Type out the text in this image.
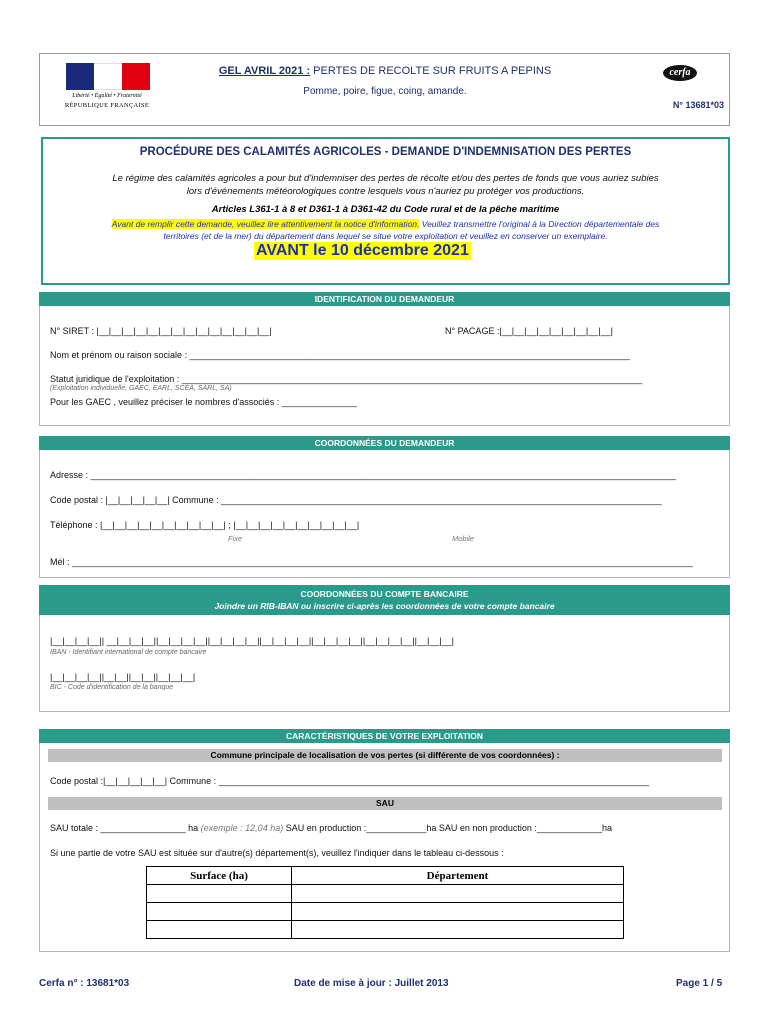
Liberté • Égalité • Fraternité
RÉPUBLIQUE FRANÇAISE
GEL AVRIL 2021 : PERTES DE RECOLTE SUR FRUITS A PEPINS
Pomme, poire, figue, coing, amande.
cerfa
N° 13681*03
PROCÉDURE DES CALAMITÉS AGRICOLES - DEMANDE D'INDEMNISATION DES PERTES
Le régime des calamités agricoles a pour but d'indemniser des pertes de récolte et/ou des pertes de fonds que vous auriez subies
lors d'événements météorologiques contre lesquels vous n'auriez pu protéger vos productions.
Articles L361-1 à 8 et D361-1 à D361-42 du Code rural et de la pêche maritime
Avant de remplir cette demande, veuillez lire attentivement la notice d'information. Veuillez transmettre l'original à la Direction départementale des
territoires (et de la mer) du département dans lequel se situe votre exploitation et veuillez en conserver un exemplaire.
AVANT le 10 décembre 2021
IDENTIFICATION DU DEMANDEUR
N° SIRET : |__|__|__|__|__|__|__|__|__|__|__|__|__|__|	N° PACAGE :|__|__|__|__|__|__|__|__|__|
Nom et prénom ou raison sociale : ________________________________________________________________________________________
Statut juridique de l'exploitation : ____________________________________________________________________________________________
(Exploitation individuelle, GAEC, EARL, SCEA, SARL, SA)
Pour les GAEC , veuillez préciser le nombres d'associés : _______________
COORDONNÉES DU DEMANDEUR
Adresse : _____________________________________________________________________________________________________________________
Code postal : |__|__|__|__|__| Commune : ________________________________________________________________________________________
Téléphone : |__|__|__|__|__|__|__|__|__|__| ; |__|__|__|__|__|__|__|__|__|__|
Fixe	Mobile
Mél : ____________________________________________________________________________________________________________________________
COORDONNÉES DU COMPTE BANCAIRE
Joindre un RIB-IBAN ou inscrire ci-après les coordonnées de votre compte bancaire
|__|__|__|__|| __|__|__|__||__|__|__|__||__|__|__|__||__|__|__|__||__|__|__|__||__|__|__|__||__|__|__|
IBAN - Identifiant international de compte bancaire
|__|__|__|__||__|__||__|__||__|__|__|
BIC - Code d'identification de la banque
CARACTÉRISTIQUES DE VOTRE EXPLOITATION
Commune principale de localisation de vos pertes (si différente de vos coordonnées) :
Code postal :|__|__|__|__|__| Commune : ______________________________________________________________________________________
SAU
SAU totale : _________________ ha (exemple : 12,04 ha) SAU en production :____________ha SAU en non production :_____________ha
Si une partie de votre SAU est située sur d'autre(s) département(s), veuillez l'indiquer dans le tableau ci-dessous :
Surface (ha)	Département

Cerfa n° : 13681*03	Date de mise à jour : Juillet 2013	Page 1 / 5
